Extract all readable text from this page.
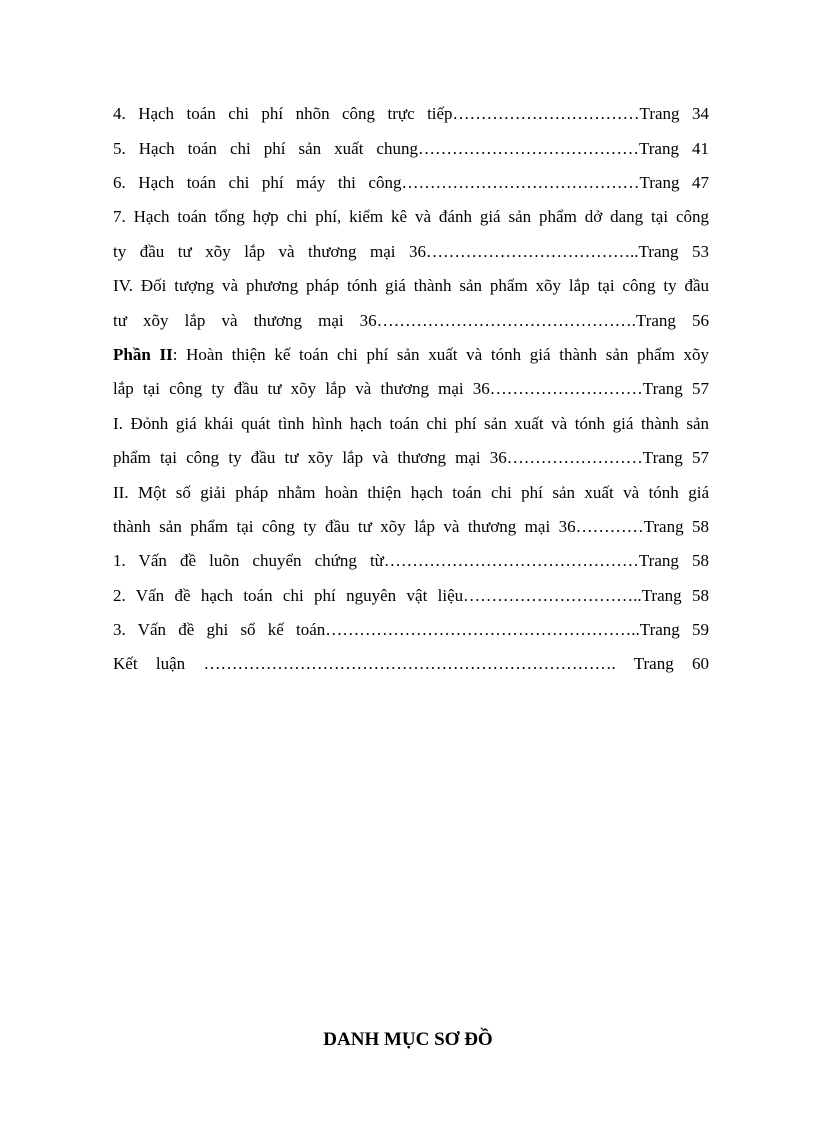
4. Hạch toán chi phí nhõn công trực tiếp……………………………Trang 34
5. Hạch toán chi phí sản xuất chung…………………………………Trang 41
6. Hạch toán chi phí máy thi công……………………………………Trang 47
7. Hạch toán tổng hợp chi phí, kiểm kê và đánh giá sản phẩm dở dang tại công
ty đầu tư xõy lắp và thương mại 36………………………………..Trang 53
IV. Đối tượng và phương pháp tónh giá thành sản phẩm xõy lắp tại công ty đầu
tư xõy lắp và thương mại 36……………………………………….Trang 56
Phần II: Hoàn thiện kế toán chi phí sản xuất và tónh giá thành sản phẩm xõy
lắp tại công ty đầu tư xõy lắp và thương mại 36………………………Trang 57
I. Đỏnh giá khái quát tình hình hạch toán chi phí sản xuất và tónh giá thành sản
phẩm tại công ty đầu tư xõy lắp và thương mại 36……………………Trang 57
II. Một số giải pháp nhằm hoàn thiện hạch toán chi phí sản xuất và tónh giá
thành sản phẩm tại công ty đầu tư xõy lắp và thương mại 36…………Trang 58
1. Vấn đề luõn chuyển chứng từ………………………………………Trang 58
2. Vấn đề hạch toán chi phí nguyên vật liệu…………………………..Trang 58
3. Vấn đề ghi sổ kế toán………………………………………………..Trang 59
Kết luận ………………………………………………………………. Trang 60
DANH MỤC SƠ ĐỒ
